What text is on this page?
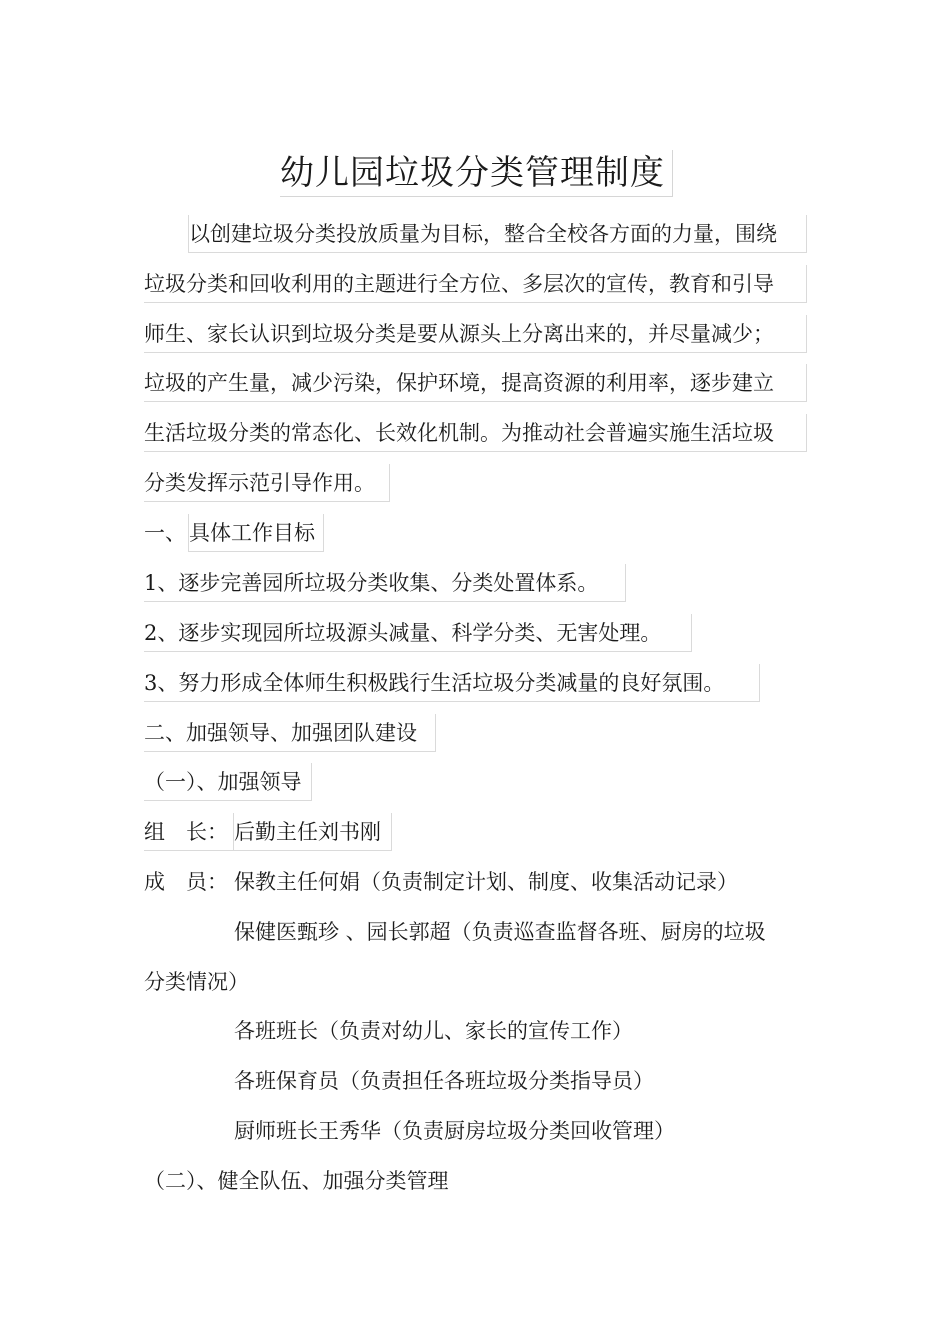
幼儿园垃圾分类管理制度
以创建垃圾分类投放质量为目标，整合全校各方面的力量，围绕
垃圾分类和回收利用的主题进行全方位、多层次的宣传，教育和引导
师生、家长认识到垃圾分类是要从源头上分离出来的，并尽量减少；
垃圾的产生量，减少污染，保护环境，提高资源的利用率，逐步建立
生活垃圾分类的常态化、长效化机制。为推动社会普遍实施生活垃圾
分类发挥示范引导作用。
一、 具体工作目标
1、逐步完善园所垃圾分类收集、分类处置体系。
2、逐步实现园所垃圾源头减量、科学分类、无害处理。
3、努力形成全体师生积极践行生活垃圾分类减量的良好氛围。
二、加强领导、加强团队建设
（一）、加强领导
组　长： 后勤主任刘书刚
成　员： 保教主任何娟（负责制定计划、制度、收集活动记录）
保健医甄珍 、园长郭超（负责巡查监督各班、厨房的垃圾
分类情况）
各班班长（负责对幼儿、家长的宣传工作）
各班保育员（负责担任各班垃圾分类指导员）
厨师班长王秀华（负责厨房垃圾分类回收管理）
（二）、健全队伍、加强分类管理
